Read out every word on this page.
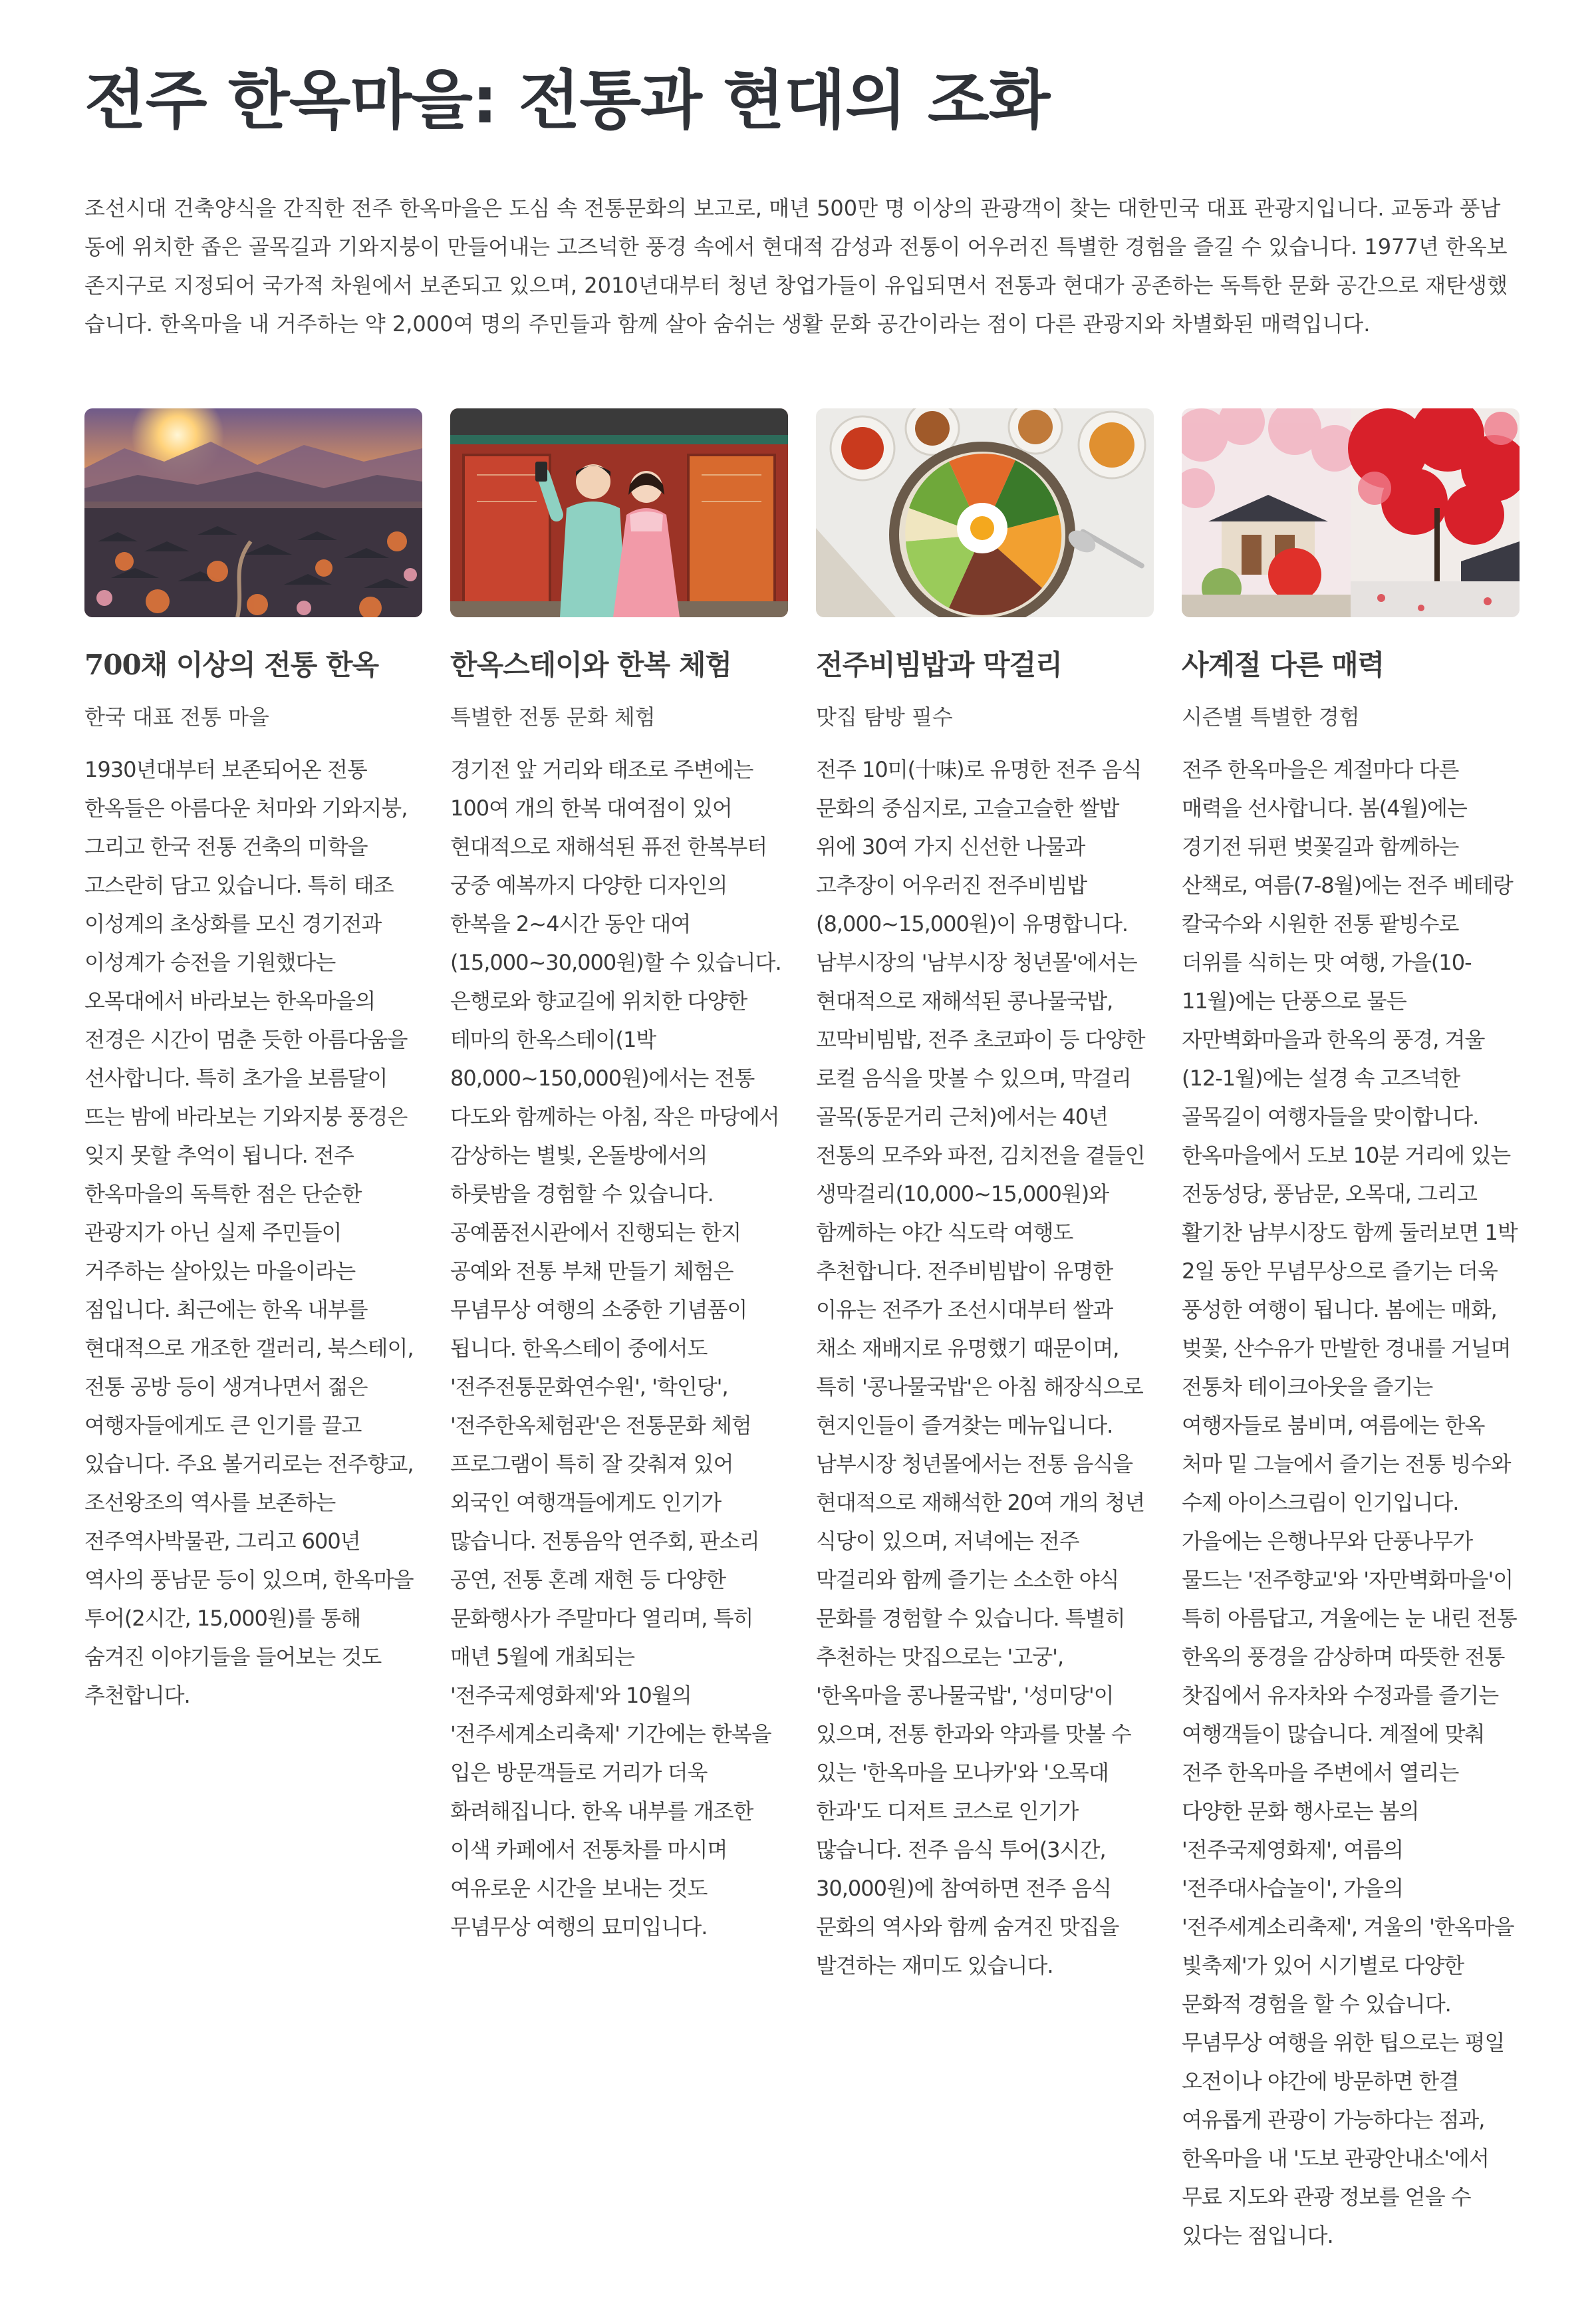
전주 한옥마을: 전통과 현대의 조화

조선시대 건축양식을 간직한 전주 한옥마을은 도심 속 전통문화의 보고로, 매년 500만 명 이상의 관광객이 찾는 대한민국 대표 관광지입니다. 교동과 풍남동에 위치한 좁은 골목길과 기와지붕이 만들어내는 고즈넉한 풍경 속에서 현대적 감성과 전통이 어우러진 특별한 경험을 즐길 수 있습니다. 1977년 한옥보존지구로 지정되어 국가적 차원에서 보존되고 있으며, 2010년대부터 청년 창업가들이 유입되면서 전통과 현대가 공존하는 독특한 문화 공간으로 재탄생했습니다. 한옥마을 내 거주하는 약 2,000여 명의 주민들과 함께 살아 숨쉬는 생활 문화 공간이라는 점이 다른 관광지와 차별화된 매력입니다.

700채 이상의 전통 한옥

한국 대표 전통 마을

1930년대부터 보존되어온 전통 한옥들은 아름다운 처마와 기와지붕, 그리고 한국 전통 건축의 미학을 고스란히 담고 있습니다. 특히 태조 이성계의 초상화를 모신 경기전과 이성계가 승전을 기원했다는 오목대에서 바라보는 한옥마을의 전경은 시간이 멈춘 듯한 아름다움을 선사합니다. 특히 초가을 보름달이 뜨는 밤에 바라보는 기와지붕 풍경은 잊지 못할 추억이 됩니다. 전주 한옥마을의 독특한 점은 단순한 관광지가 아닌 실제 주민들이 거주하는 살아있는 마을이라는 점입니다. 최근에는 한옥 내부를 현대적으로 개조한 갤러리, 북스테이, 전통 공방 등이 생겨나면서 젊은 여행자들에게도 큰 인기를 끌고 있습니다. 주요 볼거리로는 전주향교, 조선왕조의 역사를 보존하는 전주역사박물관, 그리고 600년 역사의 풍남문 등이 있으며, 한옥마을 투어(2시간, 15,000원)를 통해 숨겨진 이야기들을 들어보는 것도 추천합니다.

한옥스테이와 한복 체험

특별한 전통 문화 체험

경기전 앞 거리와 태조로 주변에는 100여 개의 한복 대여점이 있어 현대적으로 재해석된 퓨전 한복부터 궁중 예복까지 다양한 디자인의 한복을 2~4시간 동안 대여(15,000~30,000원)할 수 있습니다. 은행로와 향교길에 위치한 다양한 테마의 한옥스테이(1박 80,000~150,000원)에서는 전통 다도와 함께하는 아침, 작은 마당에서 감상하는 별빛, 온돌방에서의 하룻밤을 경험할 수 있습니다. 공예품전시관에서 진행되는 한지 공예와 전통 부채 만들기 체험은 무념무상 여행의 소중한 기념품이 됩니다. 한옥스테이 중에서도 '전주전통문화연수원', '학인당', '전주한옥체험관'은 전통문화 체험 프로그램이 특히 잘 갖춰져 있어 외국인 여행객들에게도 인기가 많습니다. 전통음악 연주회, 판소리 공연, 전통 혼례 재현 등 다양한 문화행사가 주말마다 열리며, 특히 매년 5월에 개최되는 '전주국제영화제'와 10월의 '전주세계소리축제' 기간에는 한복을 입은 방문객들로 거리가 더욱 화려해집니다. 한옥 내부를 개조한 이색 카페에서 전통차를 마시며 여유로운 시간을 보내는 것도 무념무상 여행의 묘미입니다.

전주비빔밥과 막걸리

맛집 탐방 필수

전주 10미(十味)로 유명한 전주 음식 문화의 중심지로, 고슬고슬한 쌀밥 위에 30여 가지 신선한 나물과 고추장이 어우러진 전주비빔밥(8,000~15,000원)이 유명합니다. 남부시장의 '남부시장 청년몰'에서는 현대적으로 재해석된 콩나물국밥, 꼬막비빔밥, 전주 초코파이 등 다양한 로컬 음식을 맛볼 수 있으며, 막걸리 골목(동문거리 근처)에서는 40년 전통의 모주와 파전, 김치전을 곁들인 생막걸리(10,000~15,000원)와 함께하는 야간 식도락 여행도 추천합니다. 전주비빔밥이 유명한 이유는 전주가 조선시대부터 쌀과 채소 재배지로 유명했기 때문이며, 특히 '콩나물국밥'은 아침 해장식으로 현지인들이 즐겨찾는 메뉴입니다. 남부시장 청년몰에서는 전통 음식을 현대적으로 재해석한 20여 개의 청년 식당이 있으며, 저녁에는 전주 막걸리와 함께 즐기는 소소한 야식 문화를 경험할 수 있습니다. 특별히 추천하는 맛집으로는 '고궁', '한옥마을 콩나물국밥', '성미당'이 있으며, 전통 한과와 약과를 맛볼 수 있는 '한옥마을 모나카'와 '오목대 한과'도 디저트 코스로 인기가 많습니다. 전주 음식 투어(3시간, 30,000원)에 참여하면 전주 음식 문화의 역사와 함께 숨겨진 맛집을 발견하는 재미도 있습니다.

사계절 다른 매력

시즌별 특별한 경험

전주 한옥마을은 계절마다 다른 매력을 선사합니다. 봄(4월)에는 경기전 뒤편 벚꽃길과 함께하는 산책로, 여름(7-8월)에는 전주 베테랑 칼국수와 시원한 전통 팥빙수로 더위를 식히는 맛 여행, 가을(10-11월)에는 단풍으로 물든 자만벽화마을과 한옥의 풍경, 겨울(12-1월)에는 설경 속 고즈넉한 골목길이 여행자들을 맞이합니다. 한옥마을에서 도보 10분 거리에 있는 전동성당, 풍남문, 오목대, 그리고 활기찬 남부시장도 함께 둘러보면 1박 2일 동안 무념무상으로 즐기는 더욱 풍성한 여행이 됩니다. 봄에는 매화, 벚꽃, 산수유가 만발한 경내를 거닐며 전통차 테이크아웃을 즐기는 여행자들로 붐비며, 여름에는 한옥 처마 밑 그늘에서 즐기는 전통 빙수와 수제 아이스크림이 인기입니다. 가을에는 은행나무와 단풍나무가 물드는 '전주향교'와 '자만벽화마을'이 특히 아름답고, 겨울에는 눈 내린 전통 한옥의 풍경을 감상하며 따뜻한 전통 찻집에서 유자차와 수정과를 즐기는 여행객들이 많습니다. 계절에 맞춰 전주 한옥마을 주변에서 열리는 다양한 문화 행사로는 봄의 '전주국제영화제', 여름의 '전주대사습놀이', 가을의 '전주세계소리축제', 겨울의 '한옥마을 빛축제'가 있어 시기별로 다양한 문화적 경험을 할 수 있습니다. 무념무상 여행을 위한 팁으로는 평일 오전이나 야간에 방문하면 한결 여유롭게 관광이 가능하다는 점과, 한옥마을 내 '도보 관광안내소'에서 무료 지도와 관광 정보를 얻을 수 있다는 점입니다.
